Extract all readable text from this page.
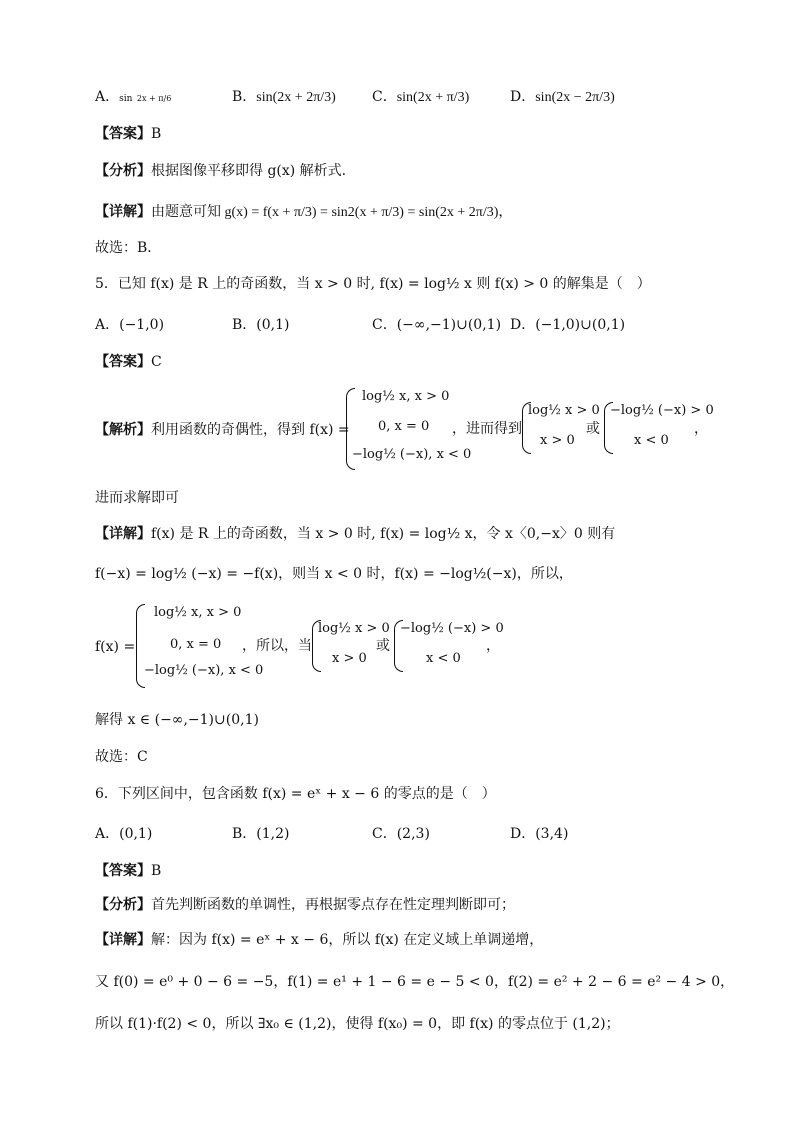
A．sin 2x + π/6	B．sin(2x + 2π/3)	C．sin(2x + π/3)	D．sin(2x − 2π/3)
【答案】B
【分析】根据图像平移即得 g(x) 解析式.
【详解】由题意可知 g(x) = f(x + π/3) = sin2(x + π/3) = sin(2x + 2π/3)，
故选：B．
5．已知 f(x) 是 R 上的奇函数，当 x > 0 时, f(x) = log½ x 则 f(x) > 0 的解集是（　）
A．(−1,0)	B．(0,1)	C．(−∞,−1)∪(0,1) D．(−1,0)∪(0,1)
【答案】C
【解析】利用函数的奇偶性，得到 f(x) =
log½ x, x > 0
0, x = 0
−log½ (−x), x < 0
，进而得到
log½ x > 0
x > 0
或
−log½ (−x) > 0
x < 0
，
进而求解即可
【详解】f(x) 是 R 上的奇函数，当 x > 0 时, f(x) = log½ x，令 x〈0,−x〉0 则有
f(−x) = log½ (−x) = −f(x)，则当 x < 0 时，f(x) = −log½(−x)，所以，
f(x) =
log½ x, x > 0
0, x = 0
−log½ (−x), x < 0
，所以，当
log½ x > 0
x > 0
或
−log½ (−x) > 0
x < 0
，
解得 x ∈ (−∞,−1)∪(0,1)
故选：C
6．下列区间中，包含函数 f(x) = eˣ + x − 6 的零点的是（　）
A．(0,1)	B．(1,2)	C．(2,3)	D．(3,4)
【答案】B
【分析】首先判断函数的单调性，再根据零点存在性定理判断即可；
【详解】解：因为 f(x) = eˣ + x − 6，所以 f(x) 在定义域上单调递增，
又 f(0) = e⁰ + 0 − 6 = −5，f(1) = e¹ + 1 − 6 = e − 5 < 0，f(2) = e² + 2 − 6 = e² − 4 > 0，
所以 f(1)·f(2) < 0，所以 ∃x₀ ∈ (1,2)，使得 f(x₀) = 0，即 f(x) 的零点位于 (1,2)；
